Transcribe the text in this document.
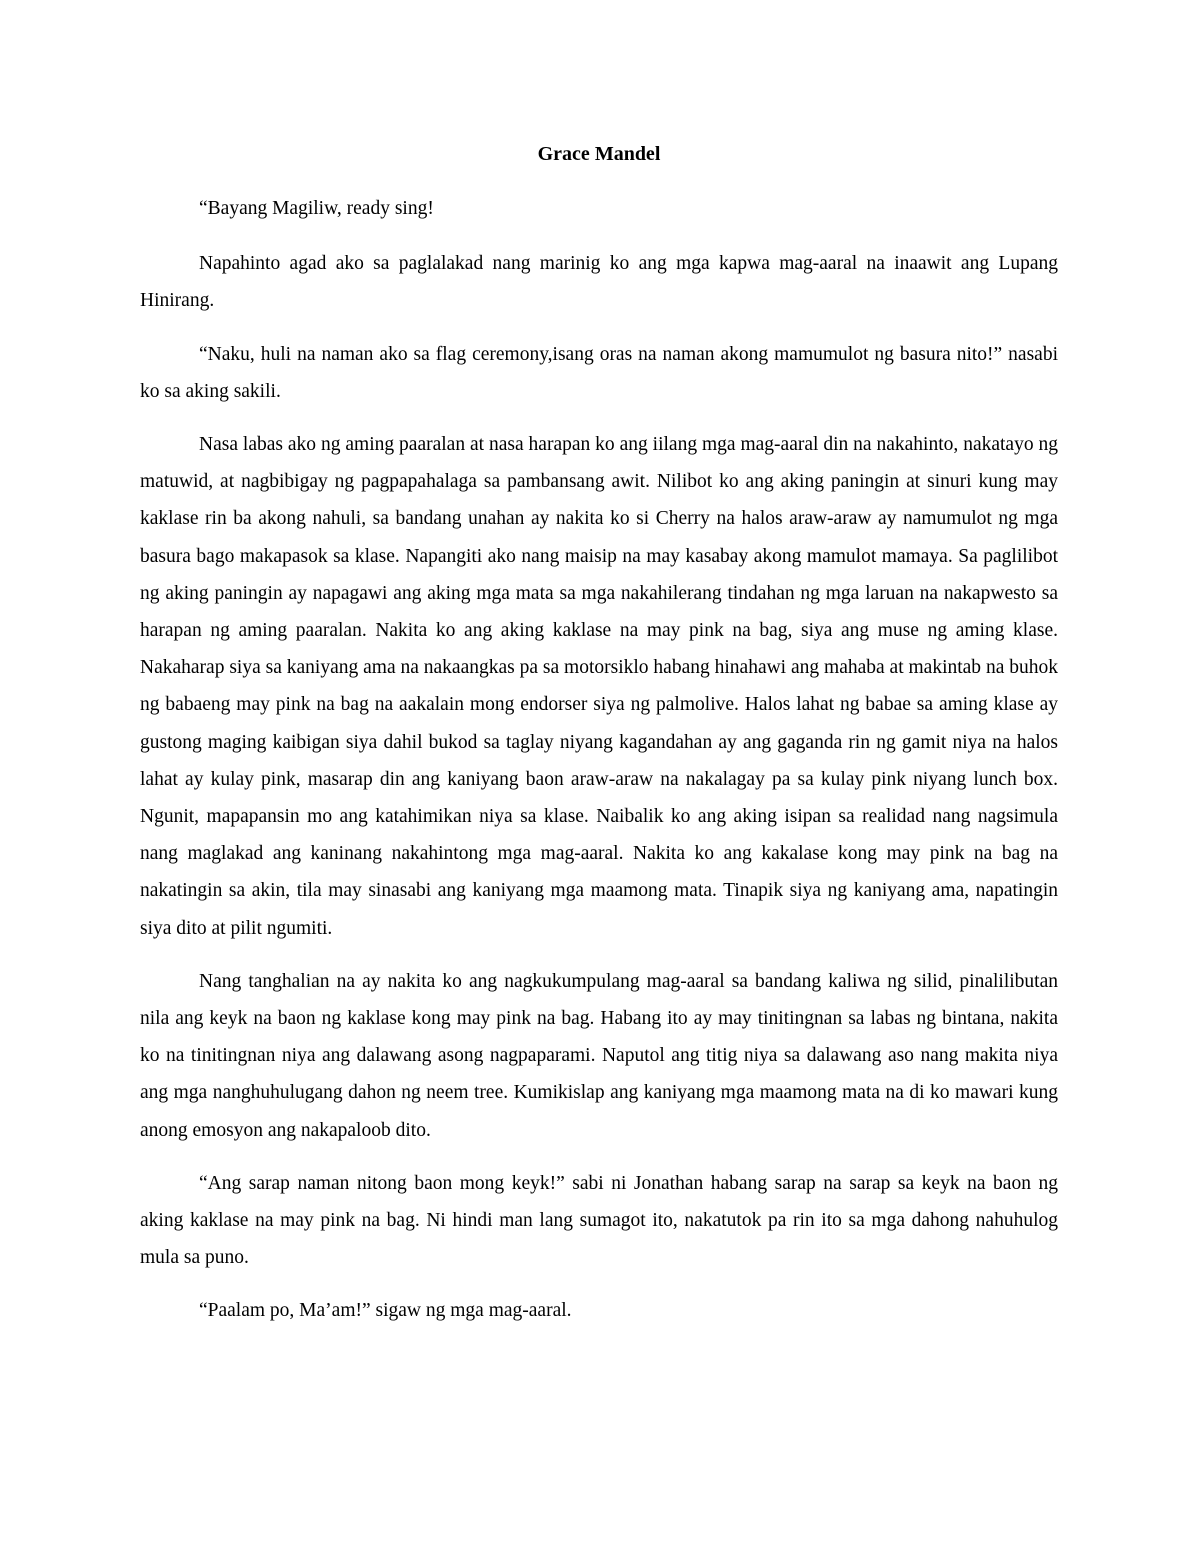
Grace Mandel

“Bayang Magiliw, ready sing!

Napahinto agad ako sa paglalakad nang marinig ko ang mga kapwa mag-aaral na inaawit ang Lupang Hinirang.

“Naku, huli na naman ako sa flag ceremony,isang oras na naman akong mamumulot ng basura nito!” nasabi ko sa aking sakili.

Nasa labas ako ng aming paaralan at nasa harapan ko ang iilang mga mag-aaral din na nakahinto, nakatayo ng matuwid, at nagbibigay ng pagpapahalaga sa pambansang awit. Nilibot ko ang aking paningin at sinuri kung may kaklase rin ba akong nahuli, sa bandang unahan ay nakita ko si Cherry na halos araw-araw ay namumulot ng mga basura bago makapasok sa klase. Napangiti ako nang maisip na may kasabay akong mamulot mamaya. Sa paglilibot ng aking paningin ay napagawi ang aking mga mata sa mga nakahilerang tindahan ng mga laruan na nakapwesto sa harapan ng aming paaralan. Nakita ko ang aking kaklase na may pink na bag, siya ang muse ng aming klase. Nakaharap siya sa kaniyang ama na nakaangkas pa sa motorsiklo habang hinahawi ang mahaba at makintab na buhok ng babaeng may pink na bag na aakalain mong endorser siya ng palmolive. Halos lahat ng babae sa aming klase ay gustong maging kaibigan siya dahil bukod sa taglay niyang kagandahan ay ang gaganda rin ng gamit niya na halos lahat ay kulay pink, masarap din ang kaniyang baon araw-araw na nakalagay pa sa kulay pink niyang lunch box. Ngunit, mapapansin mo ang katahimikan niya sa klase. Naibalik ko ang aking isipan sa realidad nang nagsimula nang maglakad ang kaninang nakahintong mga mag-aaral. Nakita ko ang kakalase kong may pink na bag na nakatingin sa akin, tila may sinasabi ang kaniyang mga maamong mata. Tinapik siya ng kaniyang ama, napatingin siya dito at pilit ngumiti.

Nang tanghalian na ay nakita ko ang nagkukumpulang mag-aaral sa bandang kaliwa ng silid, pinalilibutan nila ang keyk na baon ng kaklase kong may pink na bag. Habang ito ay may tinitingnan sa labas ng bintana, nakita ko na tinitingnan niya ang dalawang asong nagpaparami. Naputol ang titig niya sa dalawang aso nang makita niya ang mga nanghuhulugang dahon ng neem tree. Kumikislap ang kaniyang mga maamong mata na di ko mawari kung anong emosyon ang nakapaloob dito.

“Ang sarap naman nitong baon mong keyk!” sabi ni Jonathan habang sarap na sarap sa keyk na baon ng aking kaklase na may pink na bag. Ni hindi man lang sumagot ito, nakatutok pa rin ito sa mga dahong nahuhulog mula sa puno.

“Paalam po, Ma’am!” sigaw ng mga mag-aaral.
